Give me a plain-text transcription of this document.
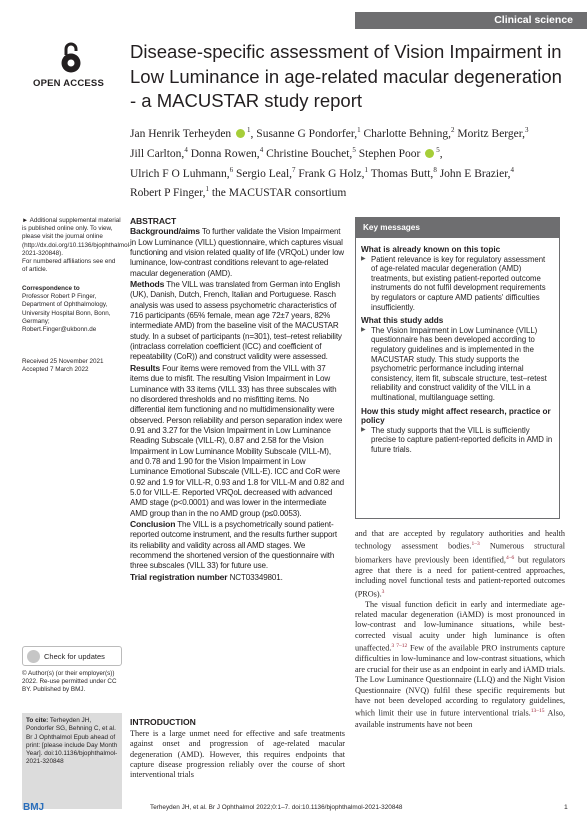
Clinical science
OPEN ACCESS
Disease-specific assessment of Vision Impairment in Low Luminance in age-related macular degeneration - a MACUSTAR study report
Jan Henrik Terheyden $^1$, Susanne G Pondorfer,$^1$ Charlotte Behning,$^2$ Moritz Berger,$^3$
Jill Carlton,$^4$ Donna Rowen,$^4$ Christine Bouchet,$^5$ Stephen Poor $^5$,
Ulrich F O Luhmann,$^6$ Sergio Leal,$^7$ Frank G Holz,$^1$ Thomas Butt,$^8$ John E Brazier,$^4$
Robert P Finger,$^1$ the MACUSTAR consortium
► Additional supplemental material is published online only. To view, please visit the journal online (http://dx.doi.org/10.1136/bjophthalmol-2021-320848).
For numbered affiliations see end of article.
Correspondence to
Professor Robert P Finger, Department of Ophthalmology, University Hospital Bonn, Bonn, Germany; Robert.Finger@ukbonn.de
Received 25 November 2021
Accepted 7 March 2022
Check for updates
© Author(s) (or their employer(s)) 2022. Re-use permitted under CC BY. Published by BMJ.
To cite: Terheyden JH, Pondorfer SG, Behning C, et al. Br J Ophthalmol Epub ahead of print: [please include Day Month Year]. doi:10.1136/bjophthalmol-2021-320848
ABSTRACT

Background/aims To further validate the Vision Impairment in Low Luminance (VILL) questionnaire, which captures visual functioning and vision related quality of life (VRQoL) under low luminance, low-contrast conditions relevant to age-related macular degeneration (AMD).

Methods The VILL was translated from German into English (UK), Danish, Dutch, French, Italian and Portuguese. Rasch analysis was used to assess psychometric characteristics of 716 participants (65% female, mean age 72±7 years, 82% intermediate AMD) from the baseline visit of the MACUSTAR study. In a subset of participants (n=301), test–retest reliability (intraclass correlation coefficient (ICC) and coefficient of repeatability (CoR)) and construct validity were assessed.

Results Four items were removed from the VILL with 37 items due to misfit. The resulting Vision Impairment in Low Luminance with 33 items (VILL 33) has three subscales with no disordered thresholds and no misfitting items. No differential item functioning and no multidimensionality were observed. Person reliability and person separation index were 0.91 and 3.27 for the Vision Impairment in Low Luminance Reading Subscale (VILL-R), 0.87 and 2.58 for the Vision Impairment in Low Luminance Mobility Subscale (VILL-M), and 0.78 and 1.90 for the Vision Impairment in Low Luminance Emotional Subscale (VILL-E). ICC and CoR were 0.92 and 1.9 for VILL-R, 0.93 and 1.8 for VILL-M and 0.82 and 5.0 for VILL-E. Reported VRQoL decreased with advanced AMD stage (p<0.0001) and was lower in the intermediate AMD group than in the no AMD group (p≤0.0053).

Conclusion The VILL is a psychometrically sound patient-reported outcome instrument, and the results further support its reliability and validity across all AMD stages. We recommend the shortened version of the questionnaire with three subscales (VILL 33) for future use.

Trial registration number NCT03349801.

Key messages
What is already known on this topic
▶ Patient relevance is key for regulatory assessment of age-related macular degeneration (AMD) treatments, but existing patient-reported outcome instruments do not fulfil development requirements by regulators or capture AMD patients' difficulties insufficiently.
What this study adds
▶ The Vision Impairment in Low Luminance (VILL) questionnaire has been developed according to regulatory guidelines and is implemented in the MACUSTAR study. This study supports the psychometric performance including internal consistency, item fit, subscale structure, test–retest reliability and construct validity of the VILL in a multinational, multilanguage setting.
How this study might affect research, practice or policy
▶ The study supports that the VILL is sufficiently precise to capture patient-reported deficits in AMD in future trials.

and that are accepted by regulatory authorities and health technology assessment bodies.$^{1-3}$ Numerous structural biomarkers have previously been identified,$^{4-6}$ but regulators agree that there is a need for patient-centred approaches, including novel functional tests and patient-reported outcomes (PROs).$^3$

The visual function deficit in early and intermediate age-related macular degeneration (iAMD) is most pronounced in low-contrast and low-luminance situations, while best-corrected visual acuity under high luminance is often unaffected.$^{3 7-12}$ Few of the available PRO instruments capture difficulties in low-luminance and low-contrast situations, which are crucial for their use as an endpoint in early and iAMD trials. The Low Luminance Questionnaire (LLQ) and the Night Vision Questionnaire (NVQ) fulfil these specific requirements but have not been developed according to regulatory guidelines, which limit their use in future interventional trials.$^{13-15}$ Also, available instruments have not been

INTRODUCTION
There is a large unmet need for effective and safe treatments against onset and progression of age-related macular degeneration (AMD). However, this requires endpoints that capture disease progression reliably over the course of short interventional trials
BMJ	Terheyden JH, et al. Br J Ophthalmol 2022;0:1–7. doi:10.1136/bjophthalmol-2021-320848	1
